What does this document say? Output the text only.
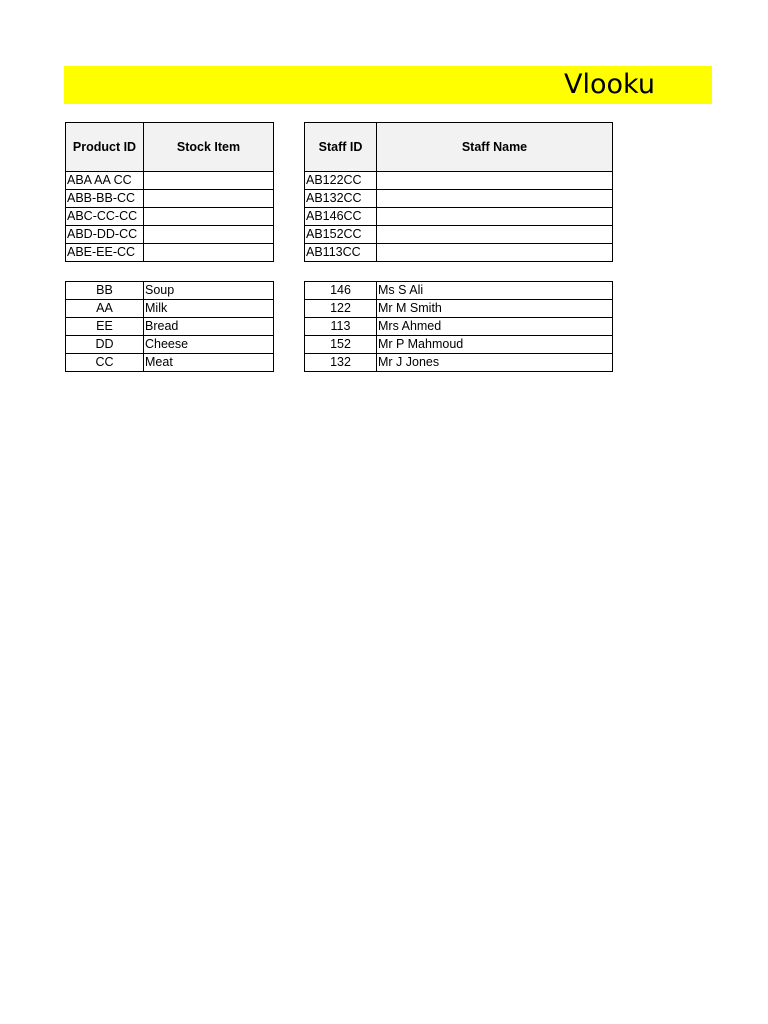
Vlooku
Product ID	Stock Item
ABA AA CC	
ABB-BB-CC	
ABC-CC-CC	
ABD-DD-CC	
ABE-EE-CC	
Staff ID	Staff Name
AB122CC	
AB132CC	
AB146CC	
AB152CC	
AB113CC	
BB	Soup
AA	Milk
EE	Bread
DD	Cheese
CC	Meat
146	Ms S Ali
122	Mr M Smith
113	Mrs Ahmed
152	Mr P Mahmoud
132	Mr J Jones
